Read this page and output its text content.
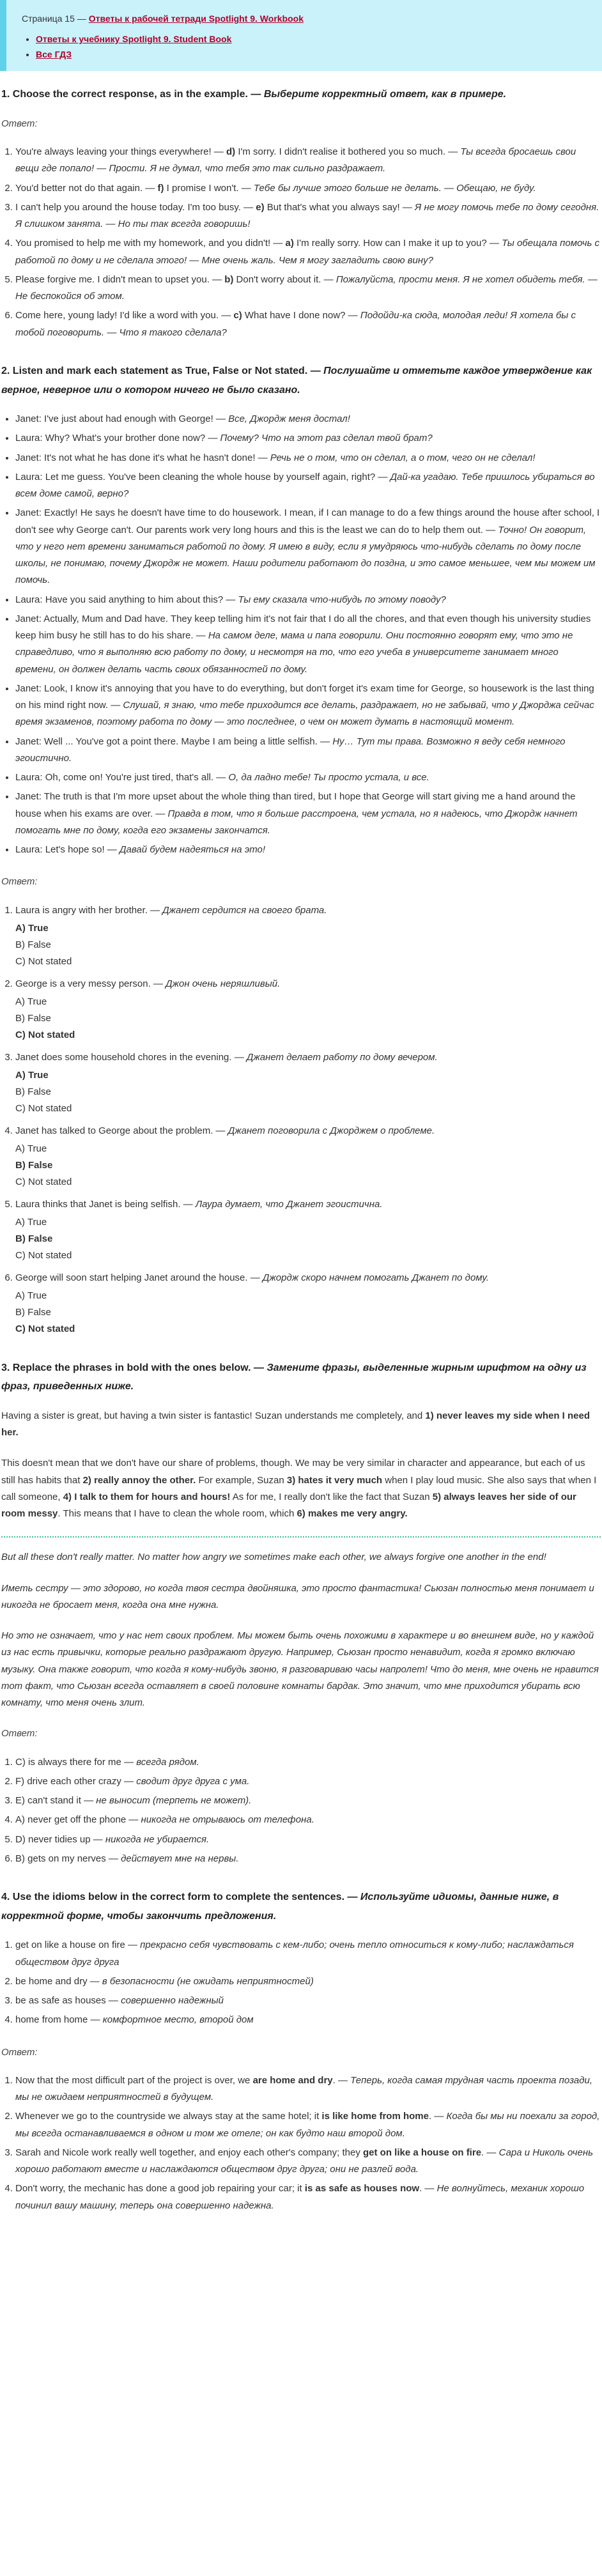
Страница 15 — Ответы к рабочей тетради Spotlight 9. Workbook
• Ответы к учебнику Spotlight 9. Student Book
• Все ГДЗ
1. Choose the correct response, as in the example. — Выберите корректный ответ, как в примере.
Ответ:
1. You're always leaving your things everywhere! — d) I'm sorry. I didn't realise it bothered you so much. — Ты всегда бросаешь свои вещи где попало! — Прости. Я не думал, что тебя это так сильно раздражает.
2. You'd better not do that again. — f) I promise I won't. — Тебе бы лучше этого больше не делать. — Обещаю, не буду.
3. I can't help you around the house today. I'm too busy. — e) But that's what you always say! — Я не могу помочь тебе по дому сегодня. Я слишком занята. — Но ты так всегда говоришь!
4. You promised to help me with my homework, and you didn't! — a) I'm really sorry. How can I make it up to you? — Ты обещала помочь с работой по дому и не сделала этого! — Мне очень жаль. Чем я могу загладить свою вину?
5. Please forgive me. I didn't mean to upset you. — b) Don't worry about it. — Пожалуйста, прости меня. Я не хотел обидеть тебя. — Не беспокойся об этом.
6. Come here, young lady! I'd like a word with you. — c) What have I done now? — Подойди-ка сюда, молодая леди! Я хотела бы с тобой поговорить. — Что я такого сделала?
2. Listen and mark each statement as True, False or Not stated. — Послушайте и отметьте каждое утверждение как верное, неверное или о котором ничего не было сказано.
• Janet: I've just about had enough with George! — Все, Джордж меня достал!
• Laura: Why? What's your brother done now? — Почему? Что на этот раз сделал твой брат?
• Janet: It's not what he has done it's what he hasn't done! — Речь не о том, что он сделал, а о том, чего он не сделал!
• Laura: Let me guess. You've been cleaning the whole house by yourself again, right? — Дай-ка угадаю. Тебе пришлось убираться во всем доме самой, верно?
• Janet: Exactly! He says he doesn't have time to do housework. I mean, if I can manage to do a few things around the house after school, I don't see why George can't. Our parents work very long hours and this is the least we can do to help them out. — Точно! Он говорит, что у него нет времени заниматься работой по дому. Я имею в виду, если я умудряюсь что-нибудь сделать по дому после школы, не понимаю, почему Джордж не может. Наши родители работают до поздна, и это самое меньшее, чем мы можем им помочь.
• Laura: Have you said anything to him about this? — Ты ему сказала что-нибудь по этому поводу?
• Janet: Actually, Mum and Dad have. They keep telling him it's not fair that I do all the chores, and that even though his university studies keep him busy he still has to do his share. — На самом деле, мама и папа говорили. Они постоянно говорят ему, что это не справедливо, что я выполняю всю работу по дому, и несмотря на то, что его учеба в университете занимает много времени, он должен делать часть своих обязанностей по дому.
• Janet: Look, I know it's annoying that you have to do everything, but don't forget it's exam time for George, so housework is the last thing on his mind right now. — Слушай, я знаю, что тебе приходится все делать, раздражает, но не забывай, что у Джорджа сейчас время экзаменов, поэтому работа по дому — это последнее, о чем он может думать в настоящий момент.
• Janet: Well ... You've got a point there. Maybe I am being a little selfish. — Ну… Тут ты права. Возможно я веду себя немного эгоистично.
• Laura: Oh, come on! You're just tired, that's all. — О, да ладно тебе! Ты просто устала, и все.
• Janet: The truth is that I'm more upset about the whole thing than tired, but I hope that George will start giving me a hand around the house when his exams are over. — Правда в том, что я больше расстроена, чем устала, но я надеюсь, что Джордж начнет помогать мне по дому, когда его экзамены закончатся.
• Laura: Let's hope so! — Давай будем надеяться на это!
Ответ:
1. Laura is angry with her brother. — Джанет сердится на своего брата.
A) True
B) False
C) Not stated
2. George is a very messy person. — Джон очень неряшливый.
A) True
B) False
C) Not stated
3. Janet does some household chores in the evening. — Джанет делает работу по дому вечером.
A) True
B) False
C) Not stated
4. Janet has talked to George about the problem. — Джанет поговорила с Джорджем о проблеме.
A) True
B) False
C) Not stated
5. Laura thinks that Janet is being selfish. — Лаура думает, что Джанет эгоистична.
A) True
B) False
C) Not stated
6. George will soon start helping Janet around the house. — Джордж скоро начнем помогать Джанет по дому.
A) True
B) False
C) Not stated
3. Replace the phrases in bold with the ones below. — Замените фразы, выделенные жирным шрифтом на одну из фраз, приведенных ниже.

Having a sister is great, but having a twin sister is fantastic! Suzan understands me completely, and 1) never leaves my side when I need her.

This doesn't mean that we don't have our share of problems, though. We may be very similar in character and appearance, but each of us still has habits that 2) really annoy the other. For example, Suzan 3) hates it very much when I play loud music. She also says that when I call someone, 4) I talk to them for hours and hours! As for me, I really don't like the fact that Suzan 5) always leaves her side of our room messy. This means that I have to clean the whole room, which 6) makes me very angry.

But all these don't really matter. No matter how angry we sometimes make each other, we always forgive one another in the end!

Иметь сестру — это здорово, но когда твоя сестра двойняшка, это просто фантастика! Сьюзан полностью меня понимает и никогда не бросает меня, когда она мне нужна.

Но это не означает, что у нас нет своих проблем. Мы можем быть очень похожими в характере и во внешнем виде, но у каждой из нас есть привычки, которые реально раздражают другую. Например, Сьюзан просто ненавидит, когда я громко включаю музыку. Она также говорит, что когда я кому-нибудь звоню, я разговариваю часы напролет! Что до меня, мне очень не нравится тот факт, что Сьюзан всегда оставляет в своей половине комнаты бардак. Это значит, что мне приходится убирать всю комнату, что меня очень злит.

Ответ:
1. C) is always there for me — всегда рядом.
2. F) drive each other crazy — сводит друг друга с ума.
3. E) can't stand it — не выносит (терпеть не может).
4. A) never get off the phone — никогда не отрываюсь от телефона.
5. D) never tidies up — никогда не убирается.
6. B) gets on my nerves — действует мне на нервы.
4. Use the idioms below in the correct form to complete the sentences. — Используйте идиомы, данные ниже, в корректной форме, чтобы закончить предложения.
1. get on like a house on fire — прекрасно себя чувствовать с кем-либо; очень тепло относиться к кому-либо; наслаждаться обществом друг друга
2. be home and dry — в безопасности (не ожидать неприятностей)
3. be as safe as houses — совершенно надежный
4. home from home — комфортное место, второй дом
Ответ:
1. Now that the most difficult part of the project is over, we are home and dry. — Теперь, когда самая трудная часть проекта позади, мы не ожидаем неприятностей в будущем.
2. Whenever we go to the countryside we always stay at the same hotel; it is like home from home. — Когда бы мы ни поехали за город, мы всегда останавливаемся в одном и том же отеле; он как будто наш второй дом.
3. Sarah and Nicole work really well together, and enjoy each other's company; they get on like a house on fire. — Сара и Николь очень хорошо работают вместе и наслаждаются обществом друг друга; они не разлей вода.
4. Don't worry, the mechanic has done a good job repairing your car; it is as safe as houses now. — Не волнуйтесь, механик хорошо починил вашу машину, теперь она совершенно надежна.
